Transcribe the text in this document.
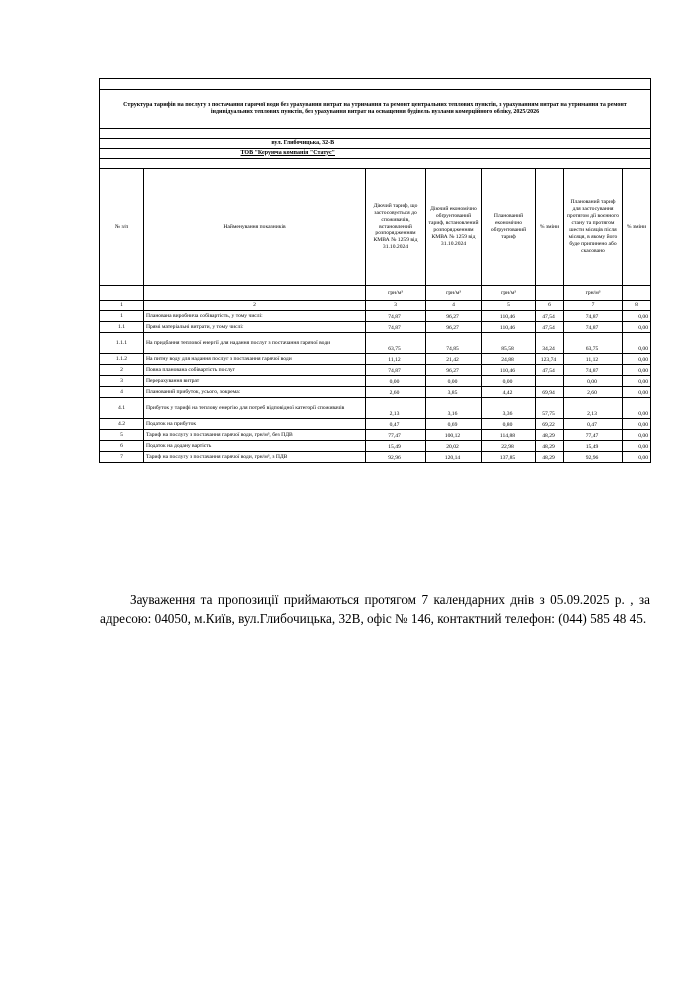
Структура тарифів на послугу з постачання гарячої води без урахування витрат на утримання та ремонт центральних теплових пунктів, з урахуванням витрат на утримання та ремонт індивідуальних теплових пунктів, без урахування витрат на оснащення будівель вузлами комерційного обліку, 2025/2026							

вул. Глибочицька, 32-В							
ТОВ "Керуюча компанія "Статус"							

№ з/п	Найменування показників	Діючий тариф, що застосовується до споживачів, встановлений розпорядженням КМВА № 1259 від 31.10.2024	Діючий економічно обґрунтований тариф, встановлений розпорядженням КМВА № 1259 від 31.10.2024	Планований економічно обґрунтований тариф	% зміни	Планований тариф для застосування протягом дії воєнного стану та протягом шести місяців після місяця, в якому його буде припинено або скасовано	% зміни
		грн/м³	грн/м³	грн/м³		грн/м³	
1	2	3	4	5	6	7	8
1	Планована виробнича собівартість, у тому числі:	74,87	96,27	110,46	47,54	74,87	0,00
1.1	Прямі матеріальні витрати, у тому числі:	74,87	96,27	110,46	47,54	74,87	0,00
1.1.1	На придбання теплової енергії для надання послуг з постачання гарячої води	63,75	74,85	85,58	34,24	63,75	0,00
1.1.2	На питну воду для надання послуг з постачання гарячої води	11,12	21,42	24,88	123,74	11,12	0,00
2	Повна планована собівартість послуг	74,87	96,27	110,46	47,54	74,87	0,00
3	Перерахування витрат	0,00	0,00	0,00		0,00	0,00
4	Планований прибуток, усього, зокрема:	2,60	3,85	4,42	69,94	2,60	0,00
4.1	Прибуток у тарифі на теплову енергію для потреб відповідної категорії споживачів	2,13	3,16	3,36	57,75	2,13	0,00
4.2	Податок на прибуток	0,47	0,69	0,80	69,22	0,47	0,00
5	Тариф на послугу з постачання гарячої води, грн/м³, без ПДВ	77,47	100,12	114,88	48,29	77,47	0,00
6	Податок на додану вартість	15,49	20,02	22,98	48,29	15,49	0,00
7	Тариф на послугу з постачання гарячої води, грн/м³, з ПДВ	92,96	120,14	137,85	48,29	92,96	0,00
Зауваження та пропозиції приймаються протягом 7 календарних днів з 05.09.2025 р. , за адресою: 04050, м.Київ, вул.Глибочицька, 32В, офіс № 146, контактний телефон: (044) 585 48 45.
